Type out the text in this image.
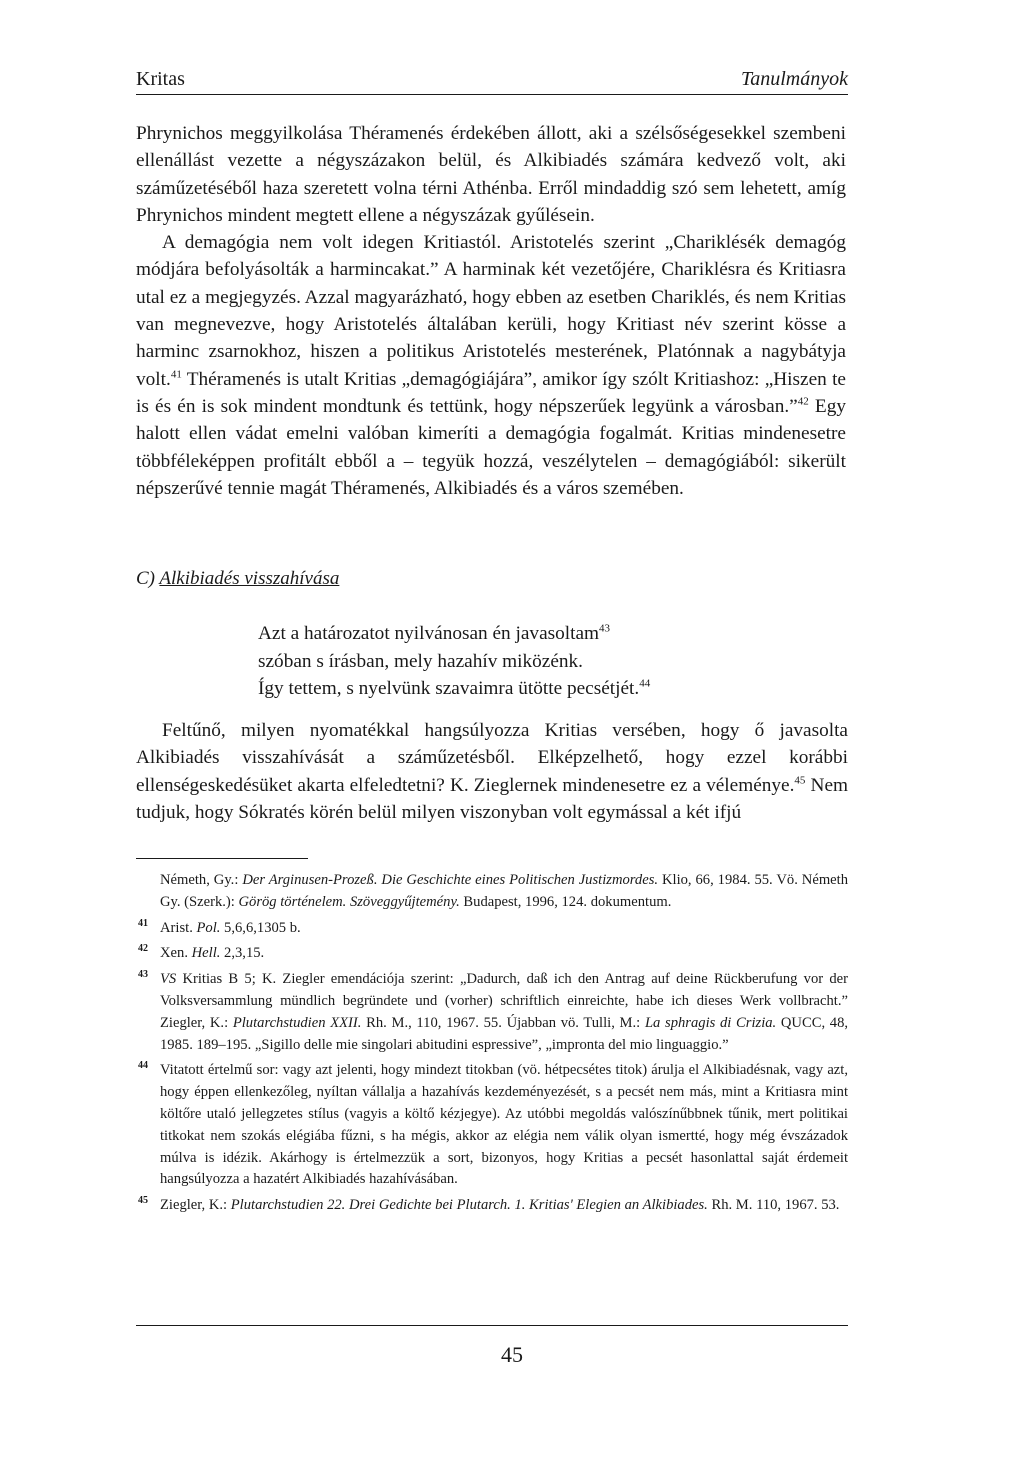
Kritas	Tanulmányok

Phrynichos meggyilkolása Théramenés érdekében állott, aki a szélsőségesekkel szembeni ellenállást vezette a négyszázakon belül, és Alkibiadés számára kedvező volt, aki száműzetéséből haza szeretett volna térni Athénba. Erről mindaddig szó sem lehetett, amíg Phrynichos mindent megtett ellene a négyszázak gyűlésein.

A demagógia nem volt idegen Kritiastól. Aristotelés szerint „Chariklésék demagóg módjára befolyásolták a harmincakat.” A harminak két vezetőjére, Chariklésra és Kritiasra utal ez a megjegyzés. Azzal magyarázható, hogy ebben az esetben Chariklés, és nem Kritias van megnevezve, hogy Aristotelés általában kerüli, hogy Kritiast név szerint kösse a harminc zsarnokhoz, hiszen a politikus Aristotelés mesterének, Platónnak a nagybátyja volt.$^{41}$ Théramenés is utalt Kritias „demagógiájára”, amikor így szólt Kritiashoz: „Hiszen te is és én is sok mindent mondtunk és tettünk, hogy népszerűek legyünk a városban.”$^{42}$ Egy halott ellen vádat emelni valóban kimeríti a demagógia fogalmát. Kritias mindenesetre többféleképpen profitált ebből a – tegyük hozzá, veszélytelen – demagógiából: sikerült népszerűvé tennie magát Théramenés, Alkibiadés és a város szemében.

C) Alkibiadés visszahívása
Azt a határozatot nyilvánosan én javasoltam$^{43}$
szóban s írásban, mely hazahív miközénk.
Így tettem, s nyelvünk szavaimra ütötte pecsétjét.$^{44}$

Feltűnő, milyen nyomatékkal hangsúlyozza Kritias versében, hogy ő javasolta Alkibiadés visszahívását a száműzetésből. Elképzelhető, hogy ezzel korábbi ellenségeskedésüket akarta elfeledtetni? K. Zieglernek mindenesetre ez a véleménye.$^{45}$ Nem tudjuk, hogy Sókratés körén belül milyen viszonyban volt egymással a két ifjú

Németh, Gy.: Der Arginusen-Prozeß. Die Geschichte eines Politischen Justizmordes. Klio, 66, 1984. 55. Vö. Németh Gy. (Szerk.): Görög történelem. Szöveggyűjtemény. Budapest, 1996, 124. dokumentum.
41 Arist. Pol. 5,6,6,1305 b.
42 Xen. Hell. 2,3,15.
43 VS Kritias B 5; K. Ziegler emendációja szerint: „Dadurch, daß ich den Antrag auf deine Rückberufung vor der Volksversammlung mündlich begründete und (vorher) schriftlich einreichte, habe ich dieses Werk vollbracht.” Ziegler, K.: Plutarchstudien XXII. Rh. M., 110, 1967. 55. Újabban vö. Tulli, M.: La sphragis di Crizia. QUCC, 48, 1985. 189–195. „Sigillo delle mie singolari abitudini espressive”, „impronta del mio linguaggio.”
44 Vitatott értelmű sor: vagy azt jelenti, hogy mindezt titokban (vö. hétpecsétes titok) árulja el Alkibiadésnak, vagy azt, hogy éppen ellenkezőleg, nyíltan vállalja a hazahívás kezdeményezését, s a pecsét nem más, mint a Kritiasra mint költőre utaló jellegzetes stílus (vagyis a költő kézjegye). Az utóbbi megoldás valószínűbbnek tűnik, mert politikai titkokat nem szokás elégiába fűzni, s ha mégis, akkor az elégia nem válik olyan ismertté, hogy még évszázadok múlva is idézik. Akárhogy is értelmezzük a sort, bizonyos, hogy Kritias a pecsét hasonlattal saját érdemeit hangsúlyozza a hazatért Alkibiadés hazahívásában.
45 Ziegler, K.: Plutarchstudien 22. Drei Gedichte bei Plutarch. 1. Kritias' Elegien an Alkibiades. Rh. M. 110, 1967. 53.
45
